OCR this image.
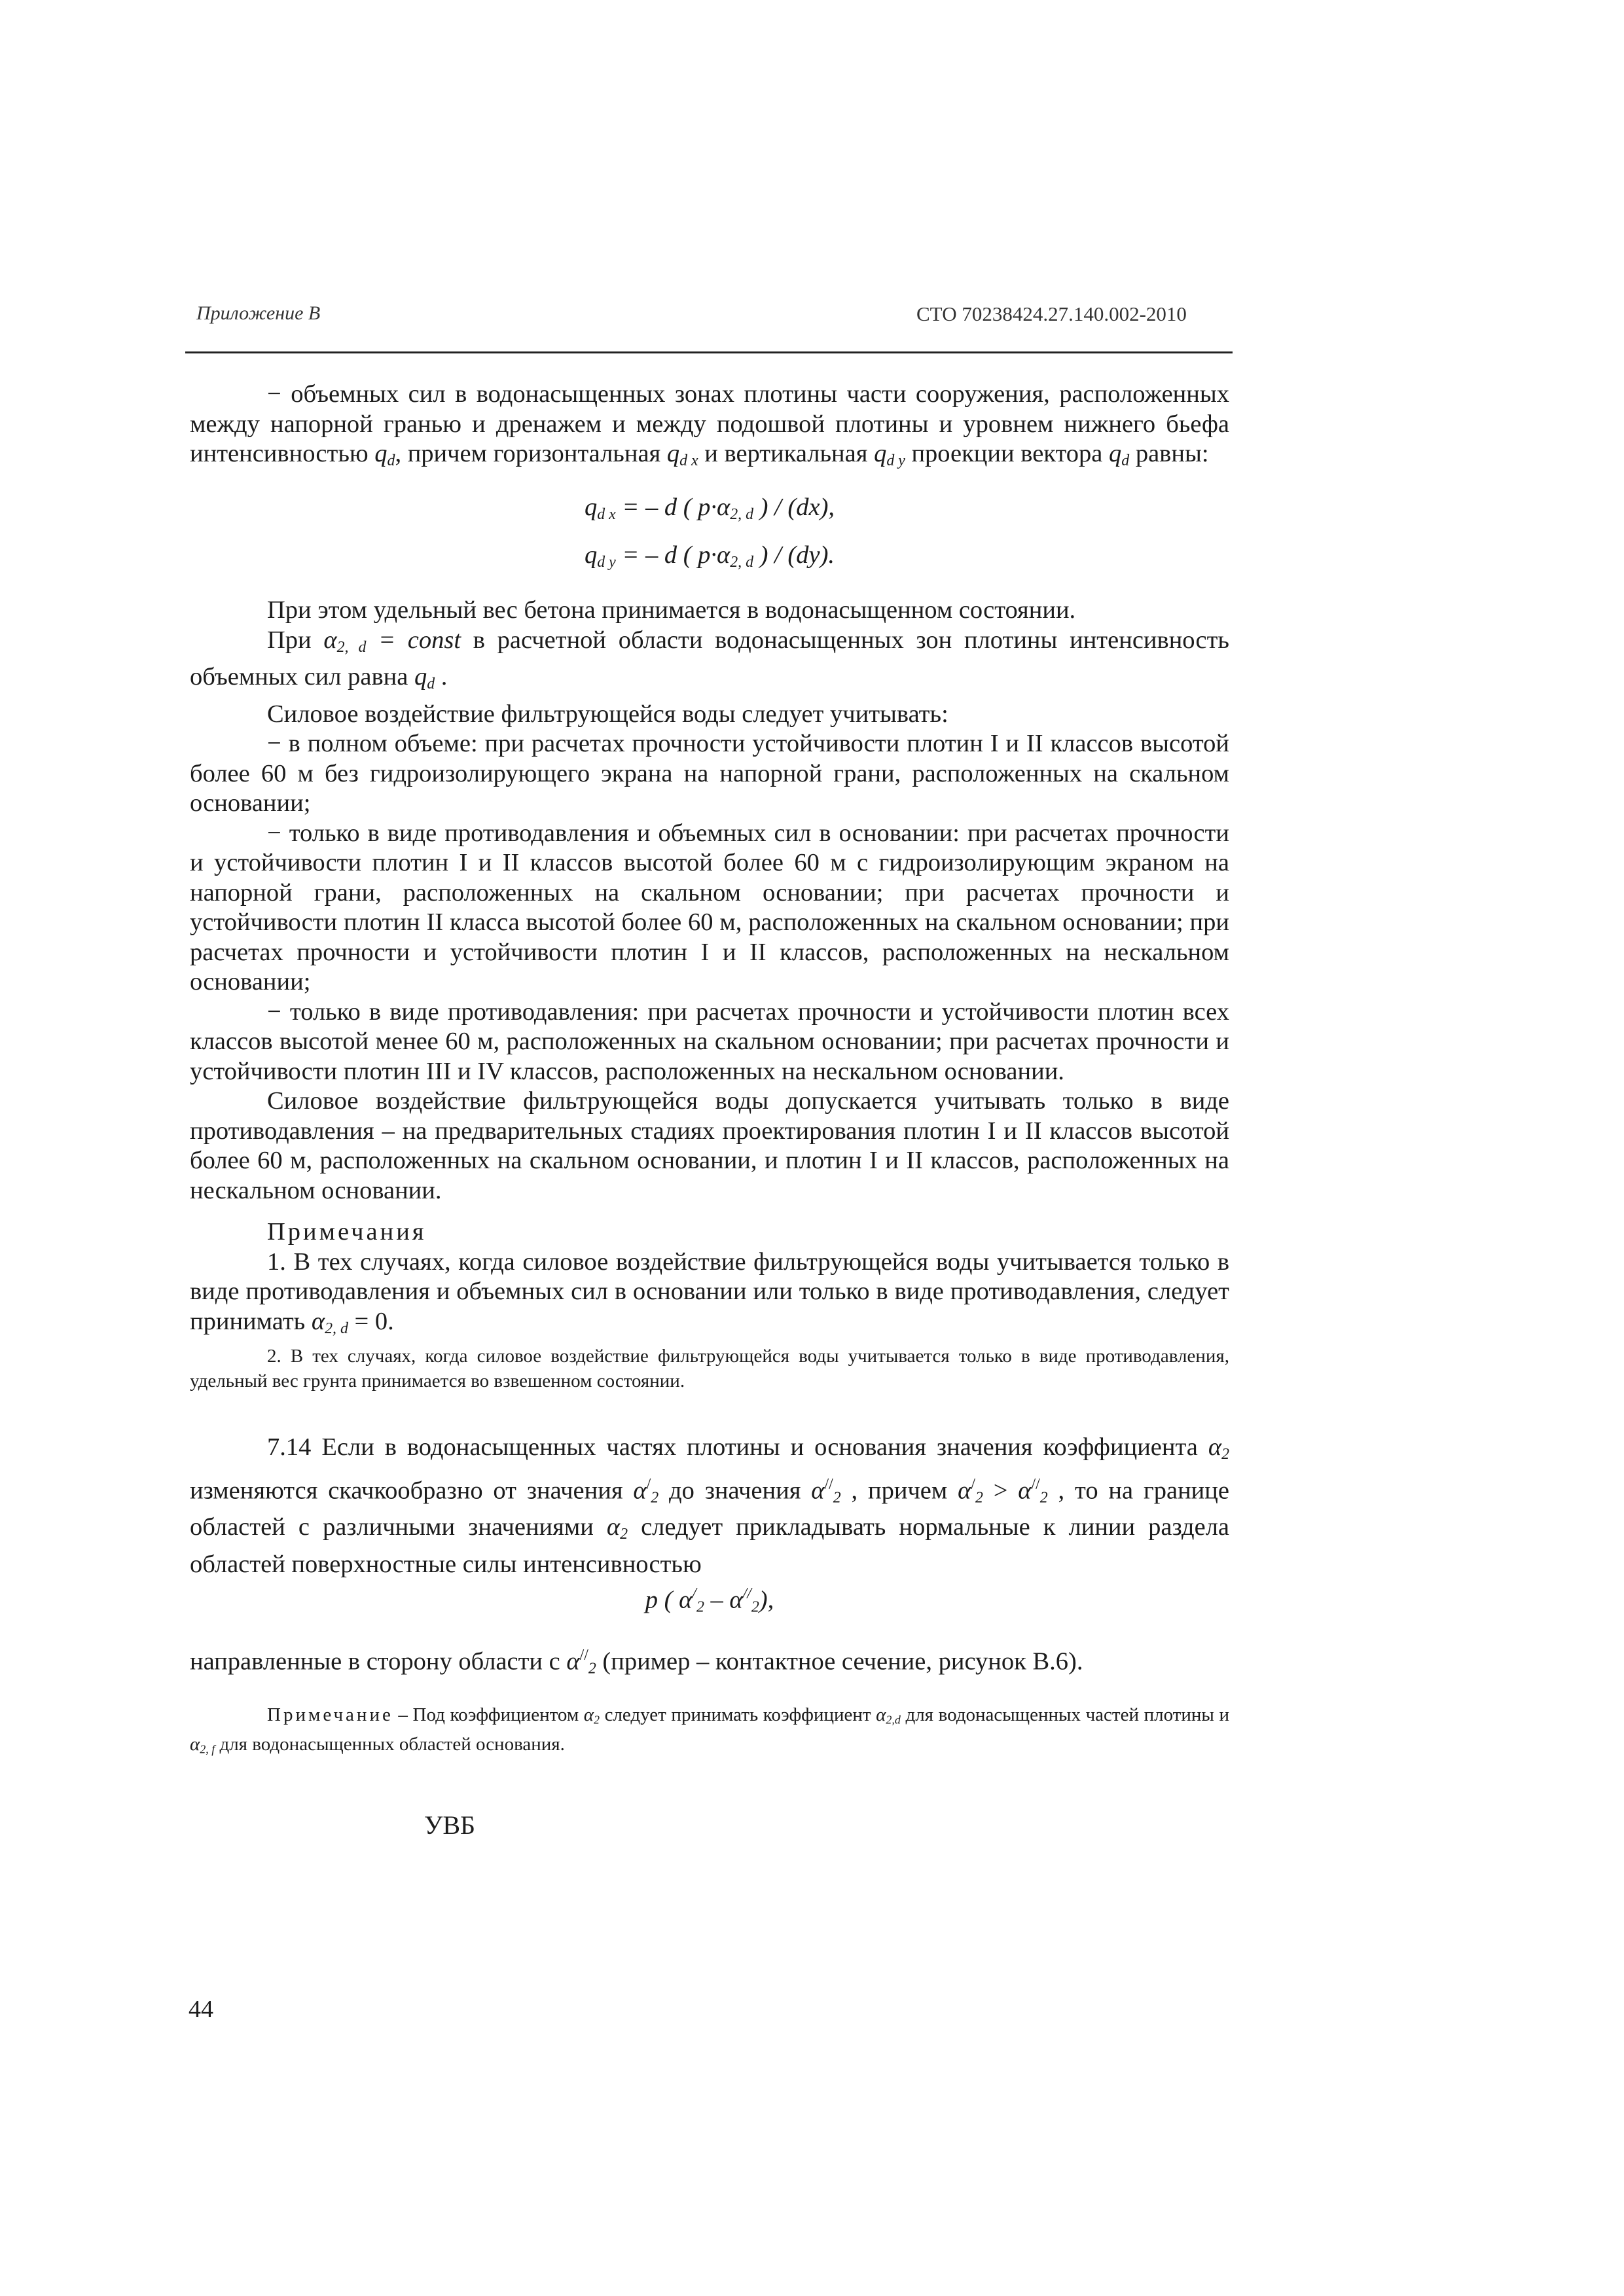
Приложение В	СТО 70238424.27.140.002-2010

− объемных сил в водонасыщенных зонах плотины части сооружения, расположенных между напорной гранью и дренажем и между подошвой плотины и уровнем нижнего бьефа интенсивностью $q_d$, причем горизонтальная $q_{d x}$ и вертикальная $q_{d y}$ проекции вектора $q_d$ равны:

$q_{d x}$ = – d ( $p\cdot\alpha_{2, d}$ ) / (dx),

$q_{d y}$ = – d ( $p\cdot\alpha_{2, d}$ ) / (dy).

При этом удельный вес бетона принимается в водонасыщенном состоянии.

При $\alpha_{2, d}$ = const в расчетной области водонасыщенных зон плотины интенсивность объемных сил равна $q_d$ .

Силовое воздействие фильтрующейся воды следует учитывать:

− в полном объеме: при расчетах прочности устойчивости плотин I и II классов высотой более 60 м без гидроизолирующего экрана на напорной грани, расположенных на скальном основании;

− только в виде противодавления и объемных сил в основании: при расчетах прочности и устойчивости плотин I и II классов высотой более 60 м с гидроизолирующим экраном на напорной грани, расположенных на скальном основании; при расчетах прочности и устойчивости плотин II класса высотой более 60 м, расположенных на скальном основании; при расчетах прочности и устойчивости плотин I и II классов, расположенных на нескальном основании;

− только в виде противодавления: при расчетах прочности и устойчивости плотин всех классов высотой менее 60 м, расположенных на скальном основании; при расчетах прочности и устойчивости плотин III и IV классов, расположенных на нескальном основании.

Силовое воздействие фильтрующейся воды допускается учитывать только в виде противодавления – на предварительных стадиях проектирования плотин I и II классов высотой более 60 м, расположенных на скальном основании, и плотин I и II классов, расположенных на нескальном основании.

Примечания

1. В тех случаях, когда силовое воздействие фильтрующейся воды учитывается только в виде противодавления и объемных сил в основании или только в виде противодавления, следует принимать $\alpha_{2, d} = 0$.

2. В тех случаях, когда силовое воздействие фильтрующейся воды учитывается только в виде противодавления, удельный вес грунта принимается во взвешенном состоянии.

7.14 Если в водонасыщенных частях плотины и основания значения коэффициента $\alpha_2$ изменяются скачкообразно от значения $\alpha^/_2$ до значения $\alpha^{//}_2$ , причем $\alpha^/_2 > \alpha^{//}_2$ , то на границе областей с различными значениями $\alpha_2$ следует прикладывать нормальные к линии раздела областей поверхностные силы интенсивностью

p ( $\alpha^/_2 - \alpha^{//}_2$),

направленные в сторону области с $\alpha^{//}_2$ (пример – контактное сечение, рисунок В.6).

Примечание – Под коэффициентом $\alpha_2$ следует принимать коэффициент $\alpha_{2,d}$ для водонасыщенных частей плотины и $\alpha_{2, f}$ для водонасыщенных областей основания.

УВБ
44
